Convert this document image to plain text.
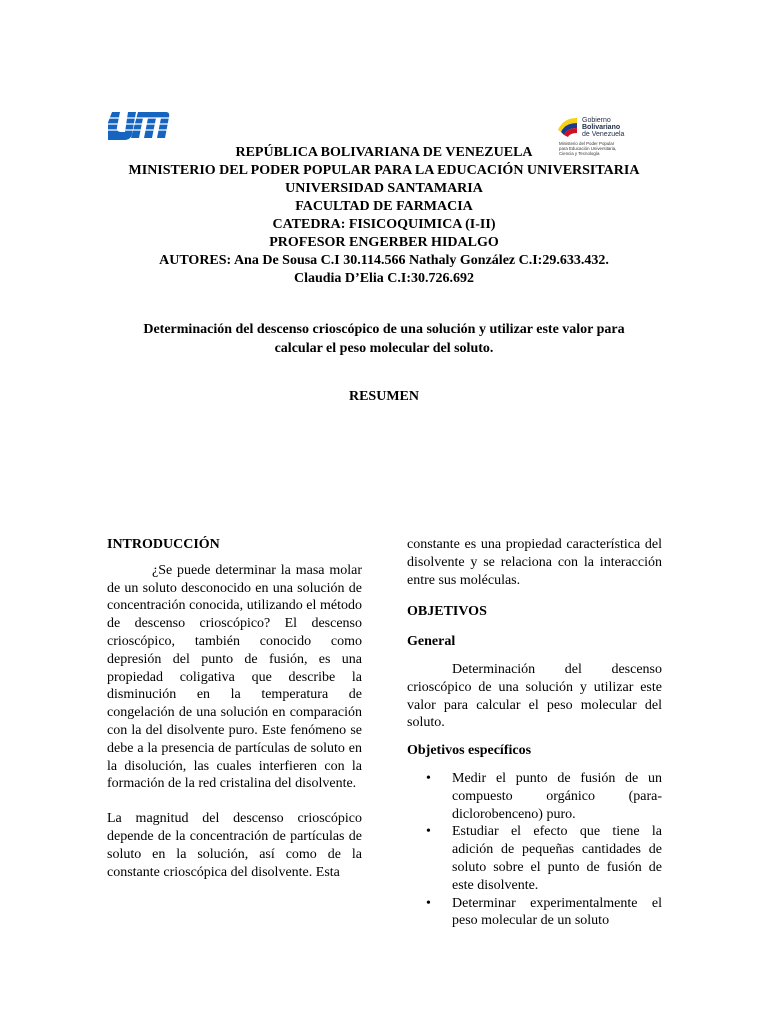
Gobierno
Bolivariano
de Venezuela
Ministerio del Poder Popular
para Educación Universitaria,
Ciencia y Tecnología
REPÚBLICA BOLIVARIANA DE VENEZUELA
MINISTERIO DEL PODER POPULAR PARA LA EDUCACIÓN UNIVERSITARIA
UNIVERSIDAD SANTAMARIA
FACULTAD DE FARMACIA
CATEDRA: FISICOQUIMICA (I-II)
PROFESOR ENGERBER HIDALGO
AUTORES: Ana De Sousa C.I 30.114.566 Nathaly González C.I:29.633.432.
Claudia D’Elia C.I:30.726.692
Determinación del descenso crioscópico de una solución y utilizar este valor para
calcular el peso molecular del soluto.
RESUMEN
INTRODUCCIÓN
¿Se puede determinar la masa molar de un soluto desconocido en una solución de concentración conocida, utilizando el método de descenso crioscópico? El descenso crioscópico, también conocido como depresión del punto de fusión, es una propiedad coligativa que describe la disminución en la temperatura de congelación de una solución en comparación con la del disolvente puro. Este fenómeno se debe a la presencia de partículas de soluto en la disolución, las cuales interfieren con la formación de la red cristalina del disolvente.
La magnitud del descenso crioscópico depende de la concentración de partículas de soluto en la solución, así como de la constante crioscópica del disolvente. Esta
constante es una propiedad característica del disolvente y se relaciona con la interacción entre sus moléculas.
OBJETIVOS
General
Determinación del descenso crioscópico de una solución y utilizar este valor para calcular el peso molecular del soluto.
Objetivos específicos
• Medir el punto de fusión de un compuesto orgánico (para-diclorobenceno) puro.
• Estudiar el efecto que tiene la adición de pequeñas cantidades de soluto sobre el punto de fusión de este disolvente.
• Determinar experimentalmente el peso molecular de un soluto
